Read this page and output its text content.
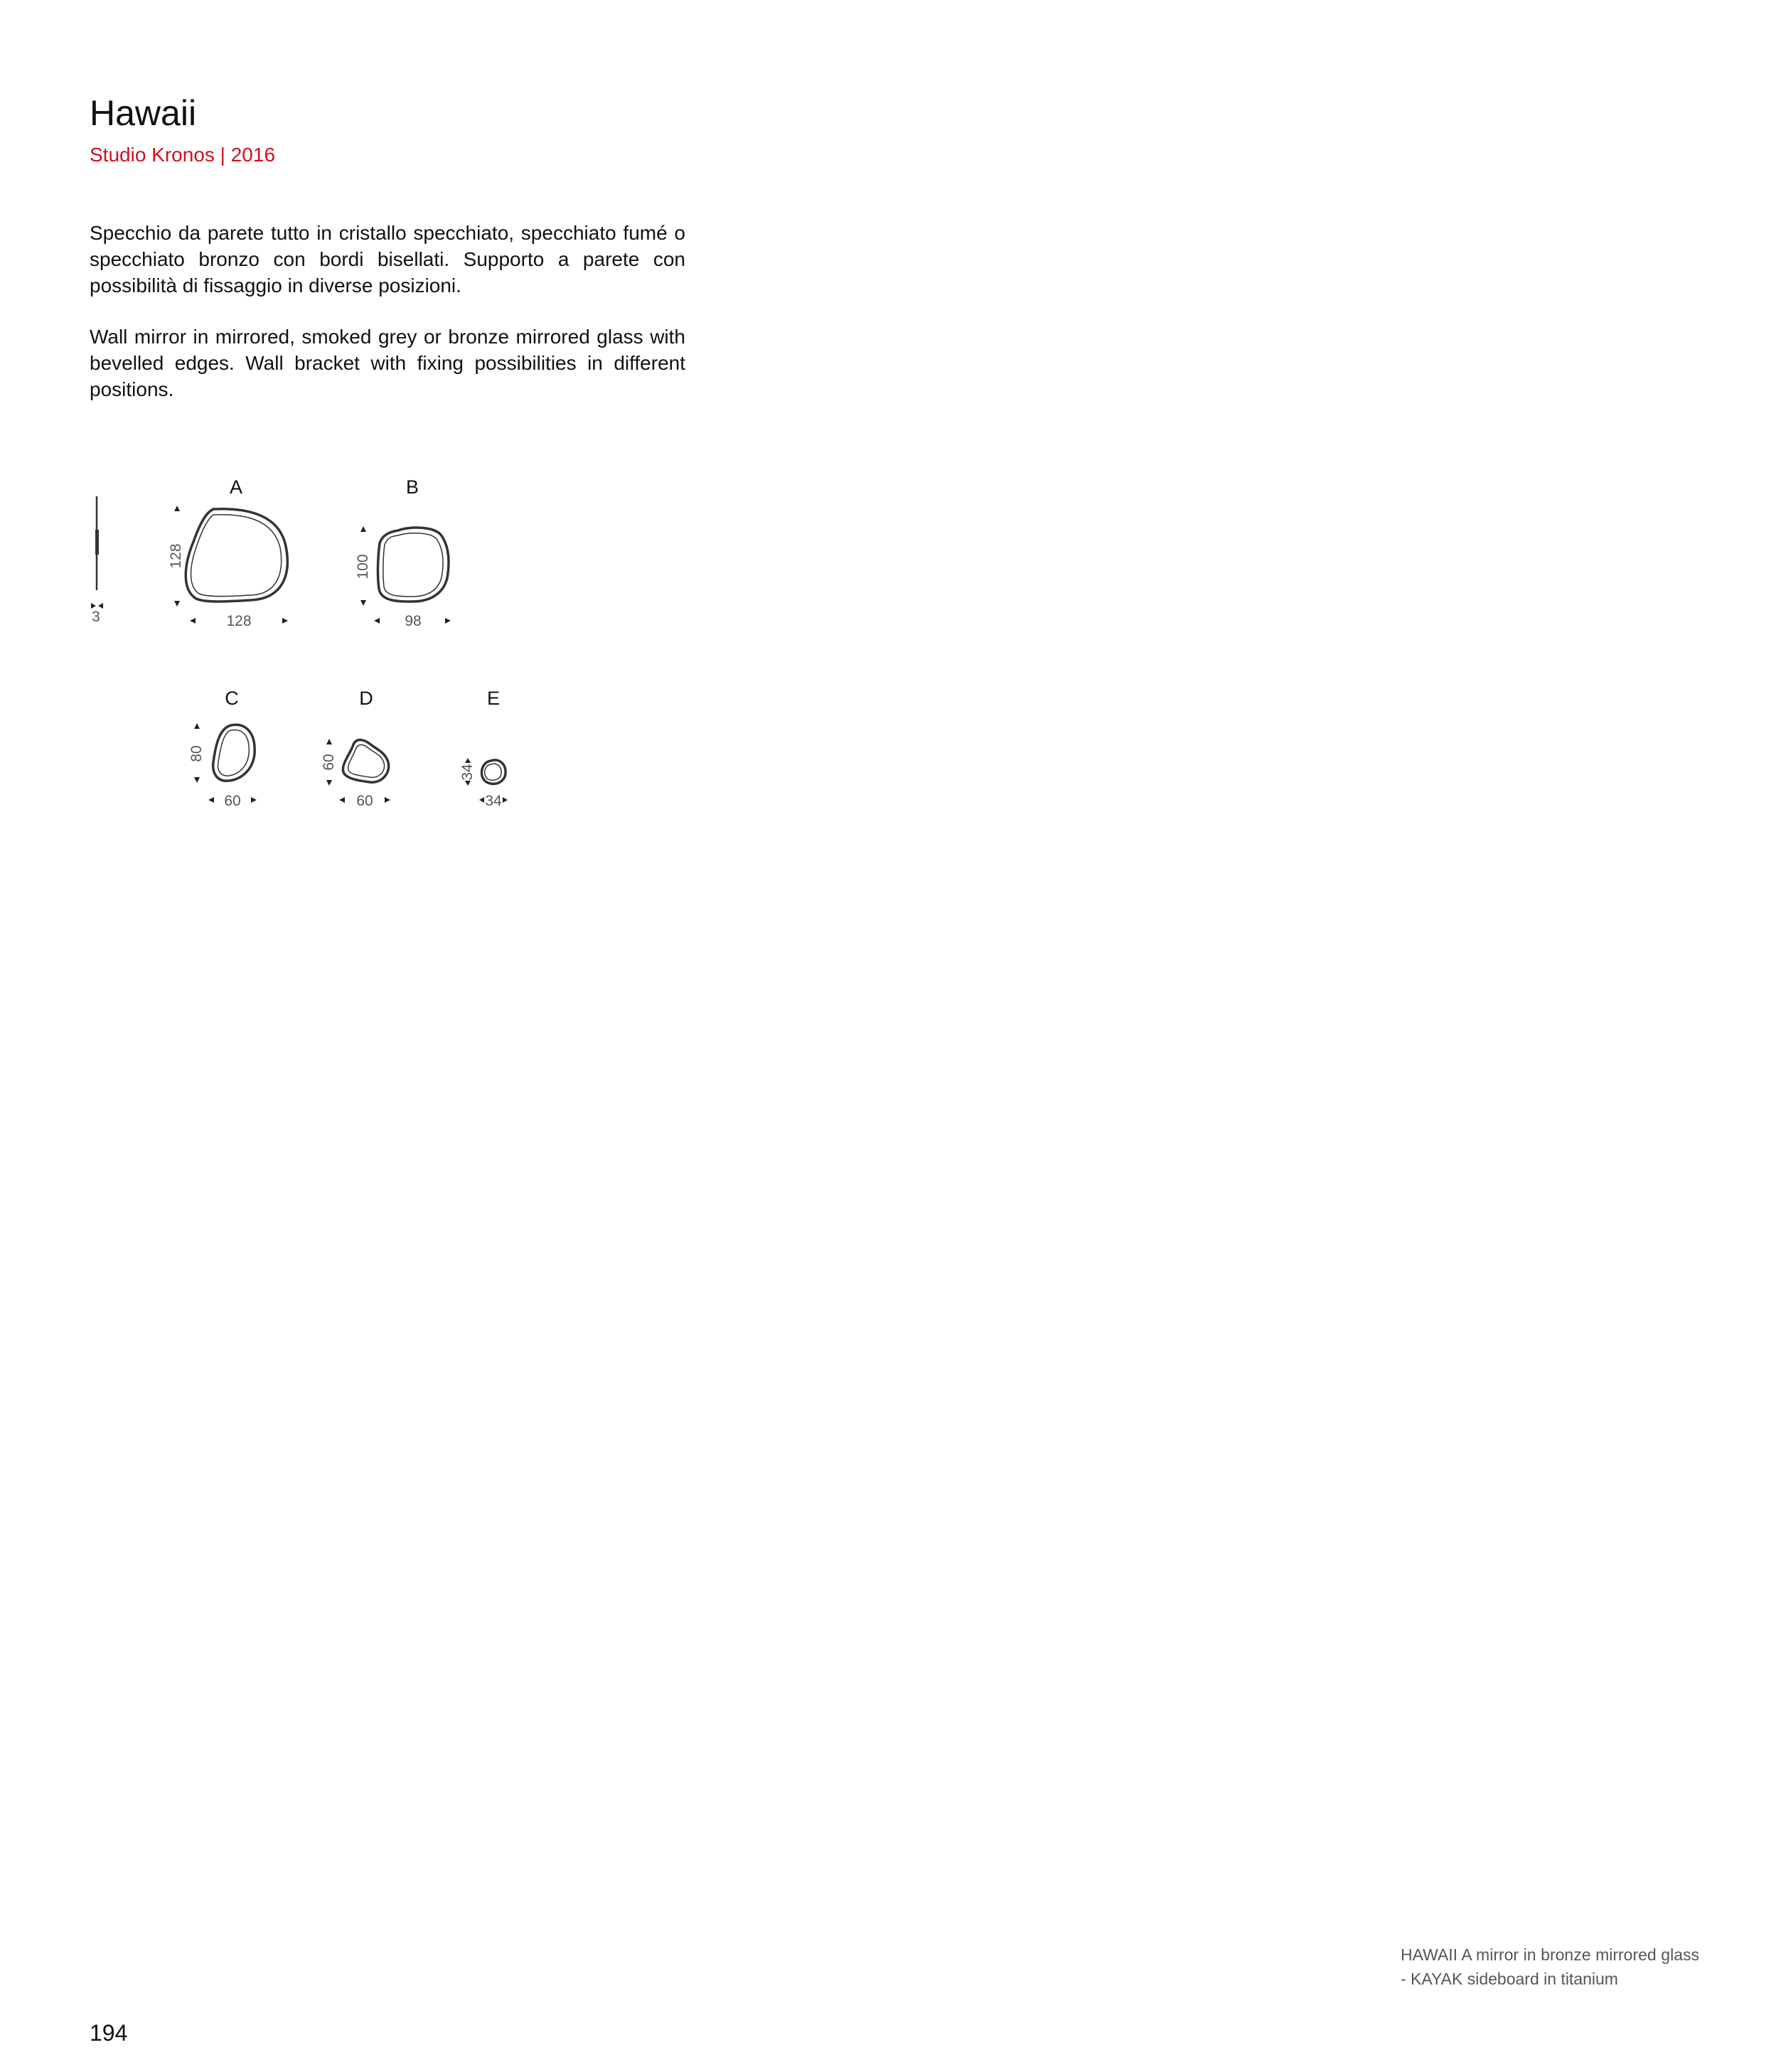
Hawaii
Studio Kronos | 2016

Specchio da parete tutto in cristallo specchiato, specchiato fumé o specchiato bronzo con bordi bisellati. Supporto a parete con possibilità di fissaggio in diverse posizioni.

Wall mirror in mirrored, smoked grey or bronze mirrored glass with bevelled edges. Wall bracket with fixing possibilities in different positions.

3
A
128
128
B
100
98
C
80
60
D
60
60
E
34
34
HAWAII A mirror in bronze mirrored glass - KAYAK sideboard in titanium
194
